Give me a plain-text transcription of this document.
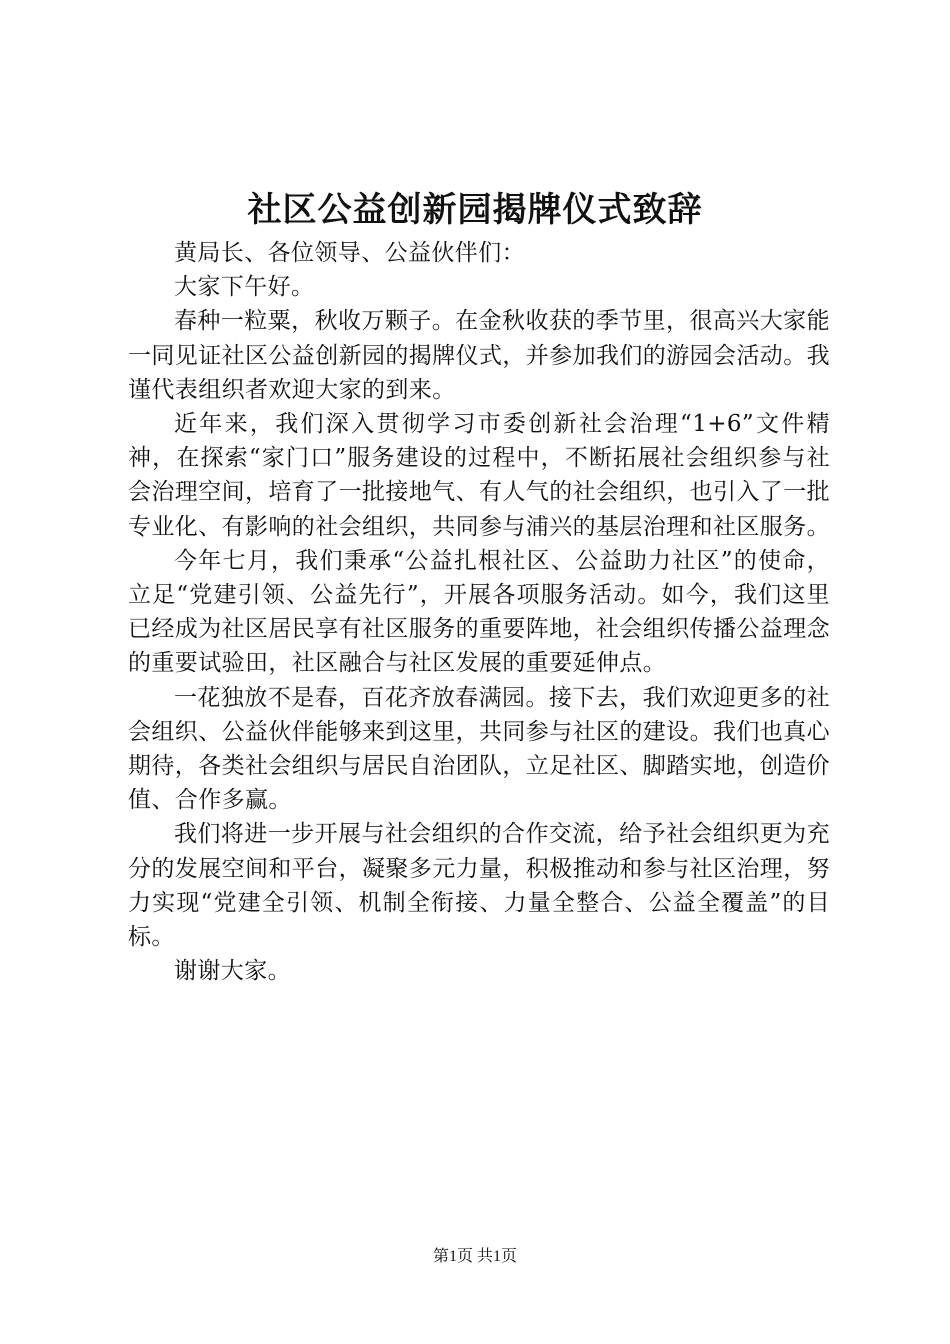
社区公益创新园揭牌仪式致辞

黄局长、各位领导、公益伙伴们：

大家下午好。

春种一粒粟，秋收万颗子。在金秋收获的季节里，很高兴大家能一同见证社区公益创新园的揭牌仪式，并参加我们的游园会活动。我谨代表组织者欢迎大家的到来。

近年来，我们深入贯彻学习市委创新社会治理“1+6”文件精神，在探索“家门口”服务建设的过程中，不断拓展社会组织参与社会治理空间，培育了一批接地气、有人气的社会组织，也引入了一批专业化、有影响的社会组织，共同参与浦兴的基层治理和社区服务。

今年七月，我们秉承“公益扎根社区、公益助力社区”的使命，立足“党建引领、公益先行”，开展各项服务活动。如今，我们这里已经成为社区居民享有社区服务的重要阵地，社会组织传播公益理念的重要试验田，社区融合与社区发展的重要延伸点。

一花独放不是春，百花齐放春满园。接下去，我们欢迎更多的社会组织、公益伙伴能够来到这里，共同参与社区的建设。我们也真心期待，各类社会组织与居民自治团队，立足社区、脚踏实地，创造价值、合作多赢。

我们将进一步开展与社会组织的合作交流，给予社会组织更为充分的发展空间和平台，凝聚多元力量，积极推动和参与社区治理，努力实现“党建全引领、机制全衔接、力量全整合、公益全覆盖”的目标。

谢谢大家。

第1页 共1页
